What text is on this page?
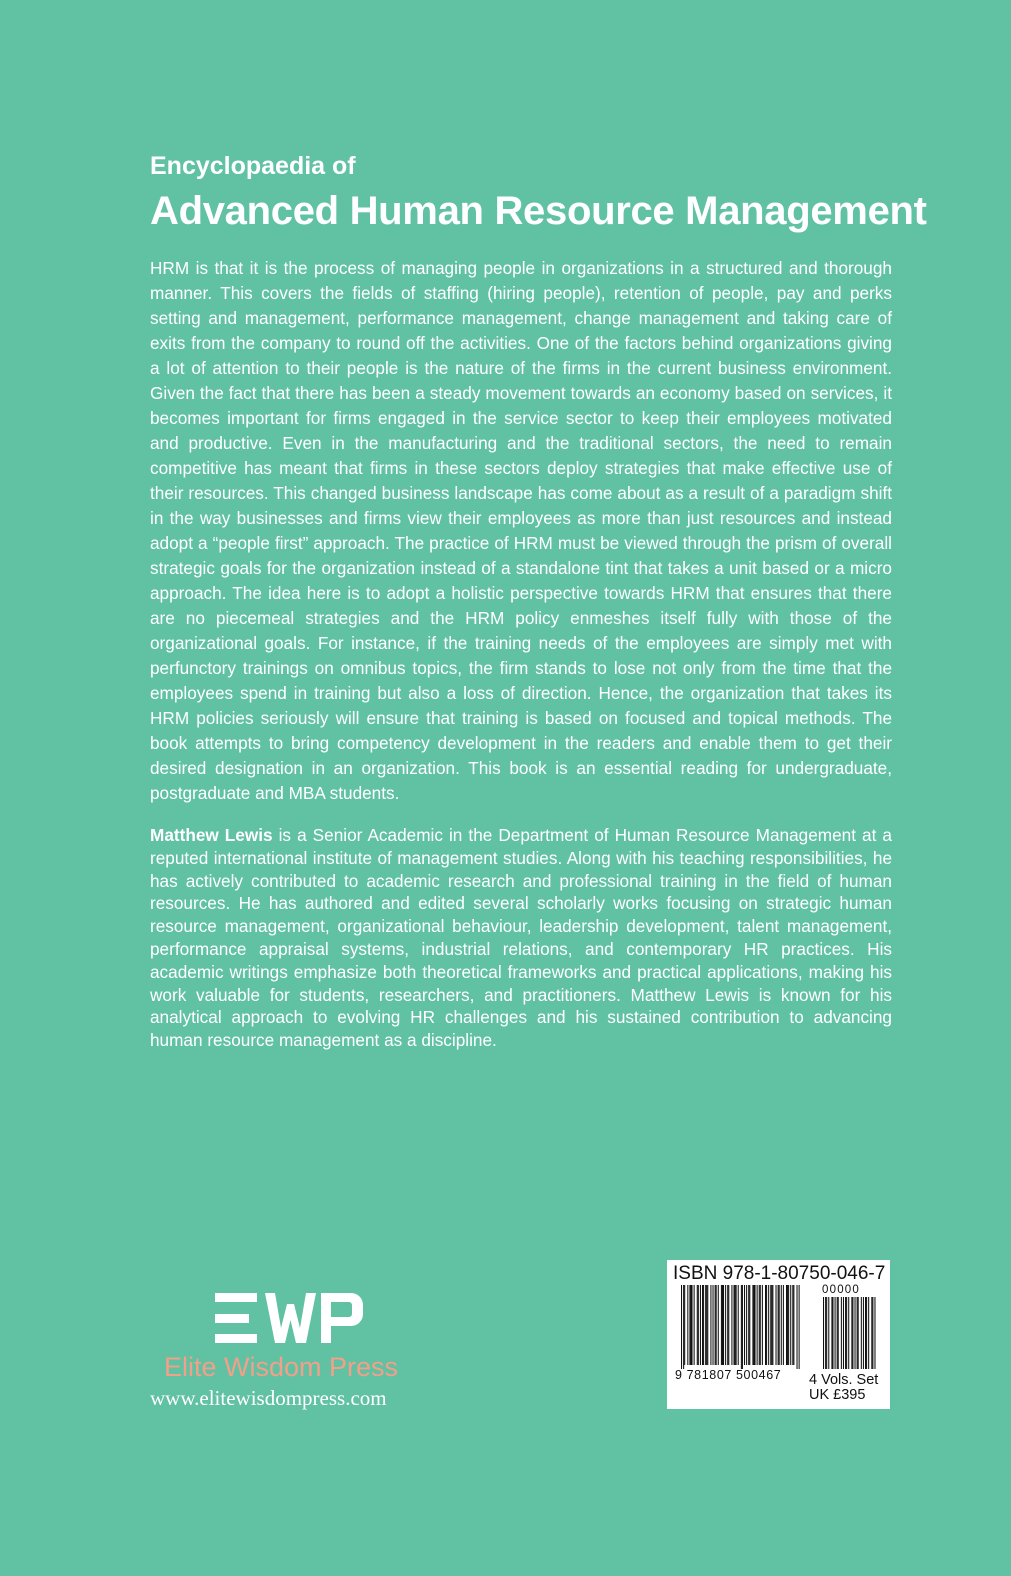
Encyclopaedia of
Advanced Human Resource Management

HRM is that it is the process of managing people in organizations in a structured and thorough manner. This covers the fields of staffing (hiring people), retention of people, pay and perks setting and management, performance management, change management and taking care of exits from the company to round off the activities. One of the factors behind organizations giving a lot of attention to their people is the nature of the firms in the current business environment. Given the fact that there has been a steady movement towards an economy based on services, it becomes important for firms engaged in the service sector to keep their employees motivated and productive. Even in the manufacturing and the traditional sectors, the need to remain competitive has meant that firms in these sectors deploy strategies that make effective use of their resources. This changed business landscape has come about as a result of a paradigm shift in the way businesses and firms view their employees as more than just resources and instead adopt a “people first” approach. The practice of HRM must be viewed through the prism of overall strategic goals for the organization instead of a standalone tint that takes a unit based or a micro approach. The idea here is to adopt a holistic perspective towards HRM that ensures that there are no piecemeal strategies and the HRM policy enmeshes itself fully with those of the organizational goals. For instance, if the training needs of the employees are simply met with perfunctory trainings on omnibus topics, the firm stands to lose not only from the time that the employees spend in training but also a loss of direction. Hence, the organization that takes its HRM policies seriously will ensure that training is based on focused and topical methods. The book attempts to bring competency development in the readers and enable them to get their desired designation in an organization. This book is an essential reading for undergraduate, postgraduate and MBA students.

Matthew Lewis is a Senior Academic in the Department of Human Resource Management at a reputed international institute of management studies. Along with his teaching responsibilities, he has actively contributed to academic research and professional training in the field of human resources. He has authored and edited several scholarly works focusing on strategic human resource management, organizational behaviour, leadership development, talent management, performance appraisal systems, industrial relations, and contemporary HR practices. His academic writings emphasize both theoretical frameworks and practical applications, making his work valuable for students, researchers, and practitioners. Matthew Lewis is known for his analytical approach to evolving HR challenges and his sustained contribution to advancing human resource management as a discipline.

Elite Wisdom Press
www.elitewisdompress.com
ISBN 978-1-80750-046-7
00000
9 781807 500467 4 Vols. Set
UK £395
